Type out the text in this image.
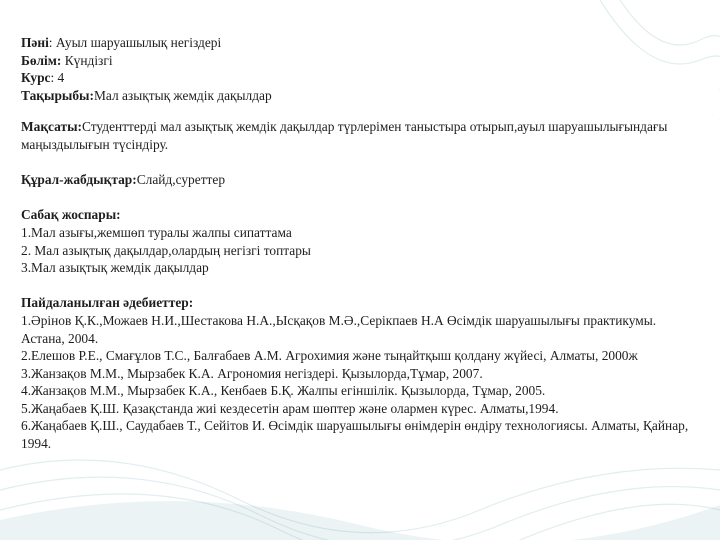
Пәні: Ауыл шаруашылық негіздері
Бөлім: Күндізгі
Курс: 4
Тақырыбы:Мал азықтық жемдік дақылдар
Мақсаты:Студенттерді мал азықтық жемдік дақылдар түрлерімен таныстыра отырып,ауыл шаруашылығындағы маңыздылығын түсіндіру.
Құрал-жабдықтар:Слайд,суреттер
Сабақ жоспары:
1.Мал азығы,жемшөп туралы жалпы сипаттама
2. Мал азықтық дақылдар,олардың негізгі топтары
3.Мал азықтық жемдік дақылдар
Пайдаланылған әдебиеттер:
1.Әрінов Қ.К.,Можаев Н.И.,Шестакова Н.А.,Ысқақов М.Ә.,Серікпаев Н.А Өсімдік шаруашылығы практикумы. Астана, 2004.
2.Елешов Р.Е., Смағұлов Т.С., Балғабаев А.М. Агрохимия және тыңайтқыш қолдану жүйесі, Алматы, 2000ж
3.Жанзақов М.М., Мырзабек К.А. Агрономия негіздері. Қызылорда,Тұмар, 2007.
4.Жанзақов М.М., Мырзабек К.А., Кенбаев Б.Қ. Жалпы егіншілік. Қызылорда, Тұмар, 2005.
5.Жаңабаев Қ.Ш. Қазақстанда жиі кездесетін арам шөптер және олармен күрес. Алматы,1994.
6.Жаңабаев Қ.Ш., Саудабаев Т., Сейітов И. Өсімдік шаруашылығы өнімдерін өндіру технологиясы. Алматы, Қайнар, 1994.
